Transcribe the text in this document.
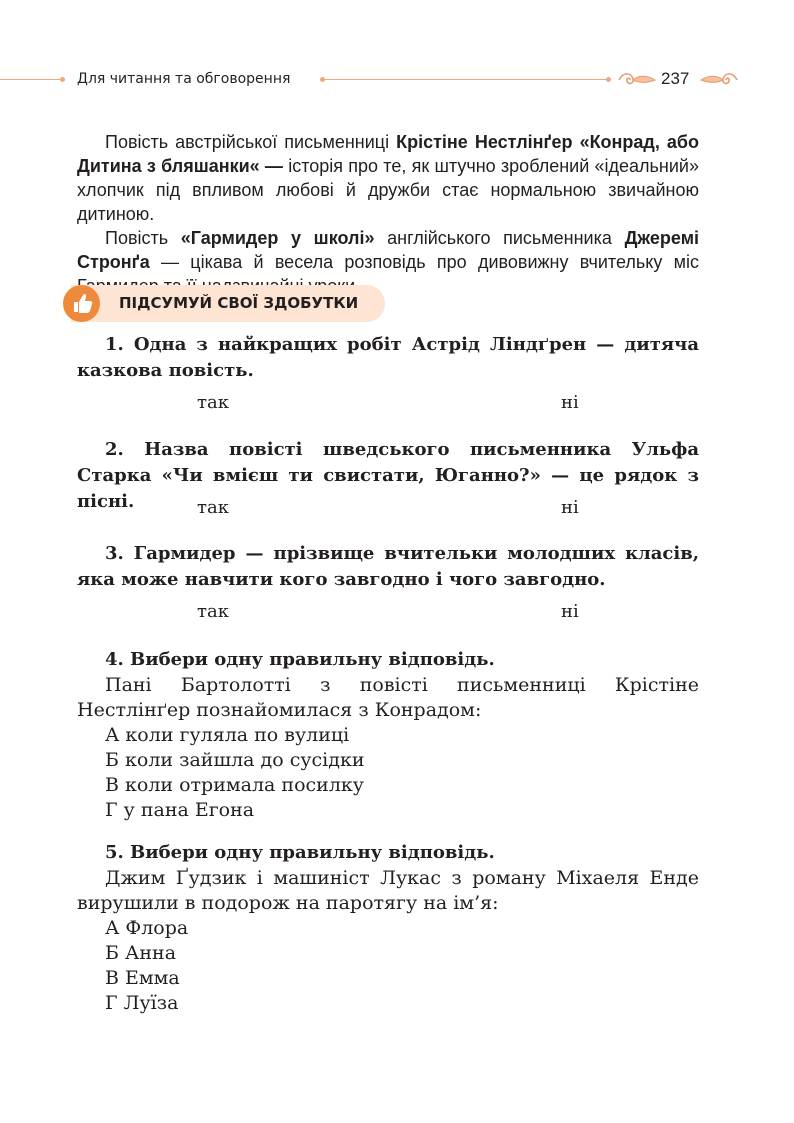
Для читання та обговорення	237

Повість австрійської письменниці Крістіне Нестлінґер «Конрад, або Дитина з бляшанки« — історія про те, як штучно зроблений «ідеальний» хлопчик під впливом любові й дружби стає нормальною звичайною дитиною.

Повість «Гармидер у школі» англійського письменника Джеремі Стронґа — цікава й весела розповідь про дивовижну вчительку міс

ПІДСУМУЙ СВОЇ ЗДОБУТКИ

1. Одна з найкращих робіт Астрід Ліндґрен — дитяча казкова повість.

так	ні

2. Назва повісті шведського письменника Ульфа Старка «Чи вмієш ти свистати, Юганно?» — це рядок з пісні.	так	ні

3. Гармидер — прізвище вчительки молодших класів, яка може навчити кого завгодно і чого завгодно.

так	ні

4. Вибери одну правильну відповідь.

Пані Бартолотті з повісті письменниці Крістіне Нестлінґер познайомилася з Конрадом:

А коли гуляла по вулиці
Б коли зайшла до сусідки
В коли отримала посилку
Г у пана Егона

5. Вибери одну правильну відповідь.

Джим Ґудзик і машиніст Лукас з роману Міхаеля Енде вирушили в подорож на паротягу на ім’я:

А Флора
Б Анна
В Емма
Г Луїза
